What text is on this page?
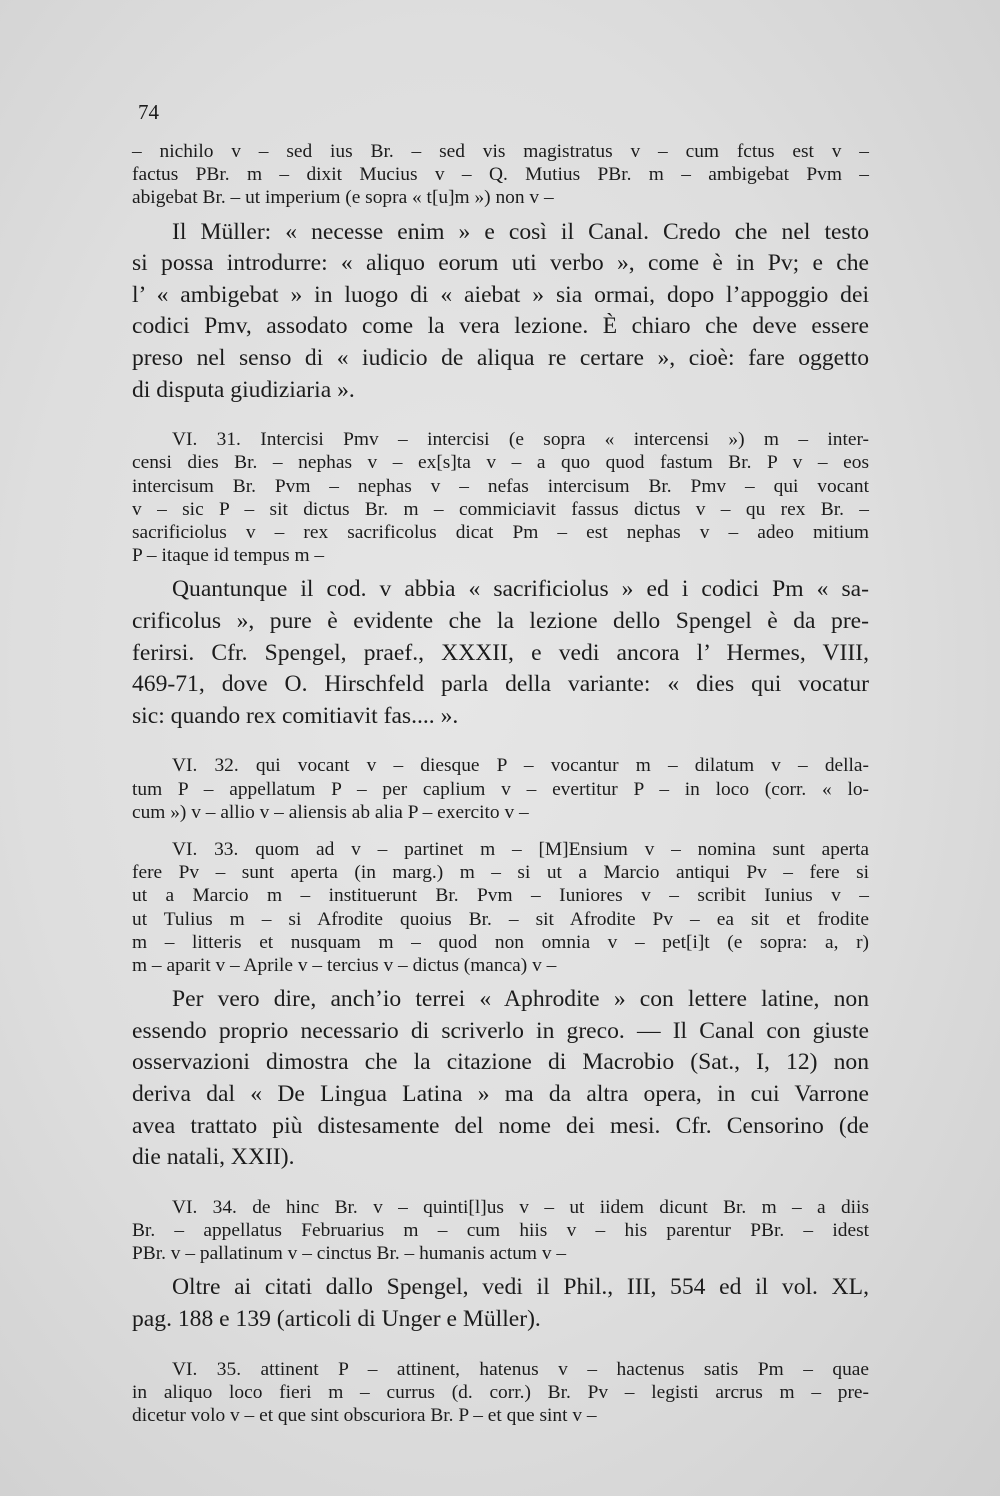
74

– nichilo v – sed ius Br. – sed vis magistratus v – cum fctus est v –

factus PBr. m – dixit Mucius v – Q. Mutius PBr. m – ambigebat Pvm –

abigebat Br. – ut imperium (e sopra « t[u]m ») non v –

Il Müller: « necesse enim » e così il Canal. Credo che nel testo

si possa introdurre: « aliquo eorum uti verbo », come è in Pv; e che

l’ « ambigebat » in luogo di « aiebat » sia ormai, dopo l’appoggio dei

codici Pmv, assodato come la vera lezione. È chiaro che deve essere

preso nel senso di « iudicio de aliqua re certare », cioè: fare oggetto

di disputa giudiziaria ».

VI. 31. Intercisi Pmv – intercisi (e sopra « intercensi ») m – inter-

censi dies Br. – nephas v – ex[s]ta v – a quo quod fastum Br. P v – eos

intercisum Br. Pvm – nephas v – nefas intercisum Br. Pmv – qui vocant

v – sic P – sit dictus Br. m – commiciavit fassus dictus v – qu rex Br. –

sacrificiolus v – rex sacrificolus dicat Pm – est nephas v – adeo mitium

P – itaque id tempus m –

Quantunque il cod. v abbia « sacrificiolus » ed i codici Pm « sa-

crificolus », pure è evidente che la lezione dello Spengel è da pre-

ferirsi. Cfr. Spengel, praef., XXXII, e vedi ancora l’ Hermes, VIII,

469-71, dove O. Hirschfeld parla della variante: « dies qui vocatur

sic: quando rex comitiavit fas.... ».

VI. 32. qui vocant v – diesque P – vocantur m – dilatum v – della-

tum P – appellatum P – per caplium v – evertitur P – in loco (corr. « lo-

cum ») v – allio v – aliensis ab alia P – exercito v –

VI. 33. quom ad v – partinet m – [M]Ensium v – nomina sunt aperta

fere Pv – sunt aperta (in marg.) m – si ut a Marcio antiqui Pv – fere si

ut a Marcio m – instituerunt Br. Pvm – Iuniores v – scribit Iunius v –

ut Tulius m – si Afrodite quoius Br. – sit Afrodite Pv – ea sit et frodite

m – litteris et nusquam m – quod non omnia v – pet[i]t (e sopra: a, r)

m – aparit v – Aprile v – tercius v – dictus (manca) v –

Per vero dire, anch’io terrei « Aphrodite » con lettere latine, non

essendo proprio necessario di scriverlo in greco. — Il Canal con giuste

osservazioni dimostra che la citazione di Macrobio (Sat., I, 12) non

deriva dal « De Lingua Latina » ma da altra opera, in cui Varrone

avea trattato più distesamente del nome dei mesi. Cfr. Censorino (de

die natali, XXII).

VI. 34. de hinc Br. v – quinti[l]us v – ut iidem dicunt Br. m – a diis

Br. – appellatus Februarius m – cum hiis v – his parentur PBr. – idest

PBr. v – pallatinum v – cinctus Br. – humanis actum v –

Oltre ai citati dallo Spengel, vedi il Phil., III, 554 ed il vol. XL,

pag. 188 e 139 (articoli di Unger e Müller).

VI. 35. attinent P – attinent, hatenus v – hactenus satis Pm – quae

in aliquo loco fieri m – currus (d. corr.) Br. Pv – legisti arcrus m – pre-

dicetur volo v – et que sint obscuriora Br. P – et que sint v –
